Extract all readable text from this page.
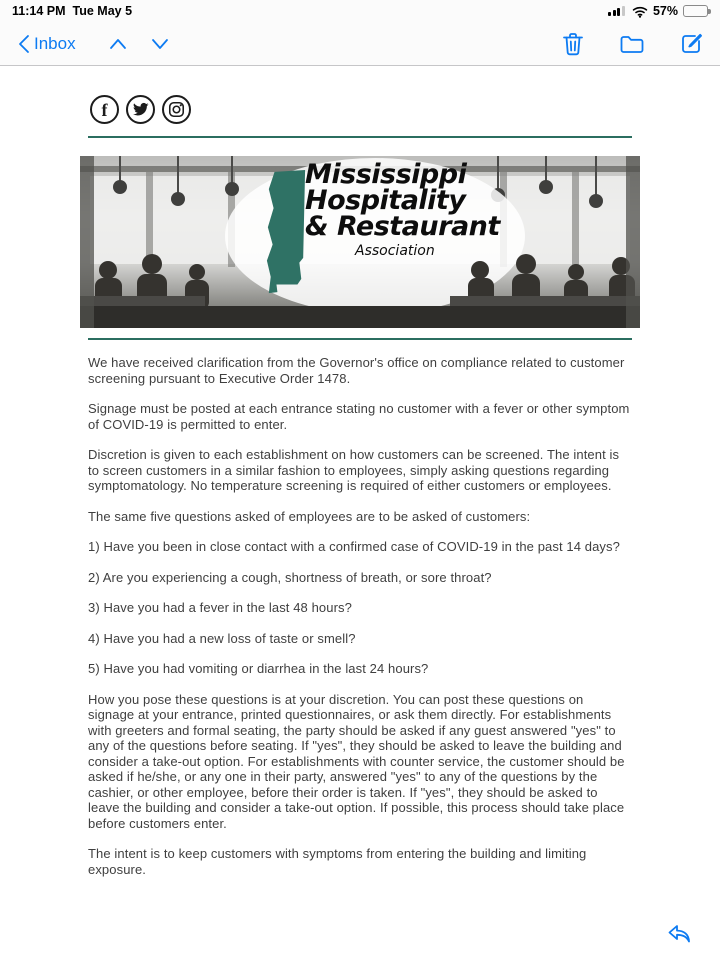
11:14 PM Tue May 5	57%
Inbox
f
Mississippi
Hospitality
& Restaurant
Association

We have received clarification from the Governor's office on compliance related to customer screening pursuant to Executive Order 1478.

Signage must be posted at each entrance stating no customer with a fever or other symptom of COVID-19 is permitted to enter.

Discretion is given to each establishment on how customers can be screened. The intent is to screen customers in a similar fashion to employees, simply asking questions regarding symptomatology. No temperature screening is required of either customers or employees.

The same five questions asked of employees are to be asked of customers:

1) Have you been in close contact with a confirmed case of COVID-19 in the past 14 days?

2) Are you experiencing a cough, shortness of breath, or sore throat?

3) Have you had a fever in the last 48 hours?

4) Have you had a new loss of taste or smell?

5) Have you had vomiting or diarrhea in the last 24 hours?

How you pose these questions is at your discretion. You can post these questions on signage at your entrance, printed questionnaires, or ask them directly. For establishments with greeters and formal seating, the party should be asked if any guest answered "yes" to any of the questions before seating. If "yes", they should be asked to leave the building and consider a take-out option. For establishments with counter service, the customer should be asked if he/she, or any one in their party, answered "yes" to any of the questions by the cashier, or other employee, before their order is taken. If "yes", they should be asked to leave the building and consider a take-out option. If possible, this process should take place before customers enter.

The intent is to keep customers with symptoms from entering the building and limiting exposure.
